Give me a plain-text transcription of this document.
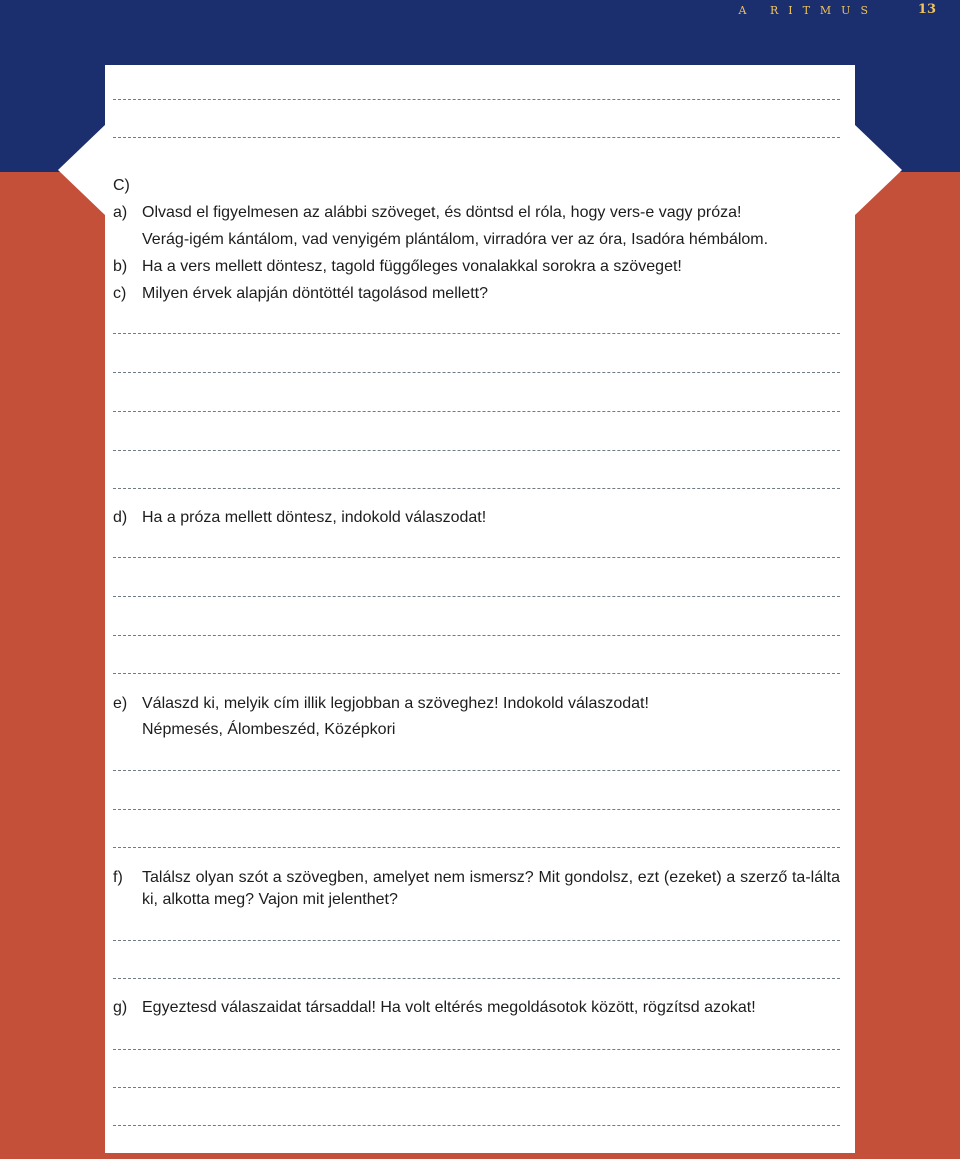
A RITMUS	13
C)
a) Olvasd el figyelmesen az alábbi szöveget, és döntsd el róla, hogy vers-e vagy próza!
Verág-igém kántálom, vad venyigém plántálom, virradóra ver az óra, Isadóra hémbálom.
b) Ha a vers mellett döntesz, tagold függőleges vonalakkal sorokra a szöveget!
c) Milyen érvek alapján döntöttél tagolásod mellett?
d) Ha a próza mellett döntesz, indokold válaszodat!
e) Válaszd ki, melyik cím illik legjobban a szöveghez! Indokold válaszodat!
Népmesés, Álombeszéd, Középkori
f)	Találsz olyan szót a szövegben, amelyet nem ismersz? Mit gondolsz, ezt (ezeket) a szerző ta-lálta ki, alkotta meg? Vajon mit jelenthet?
g) Egyeztesd válaszaidat társaddal! Ha volt eltérés megoldásotok között, rögzítsd azokat!
